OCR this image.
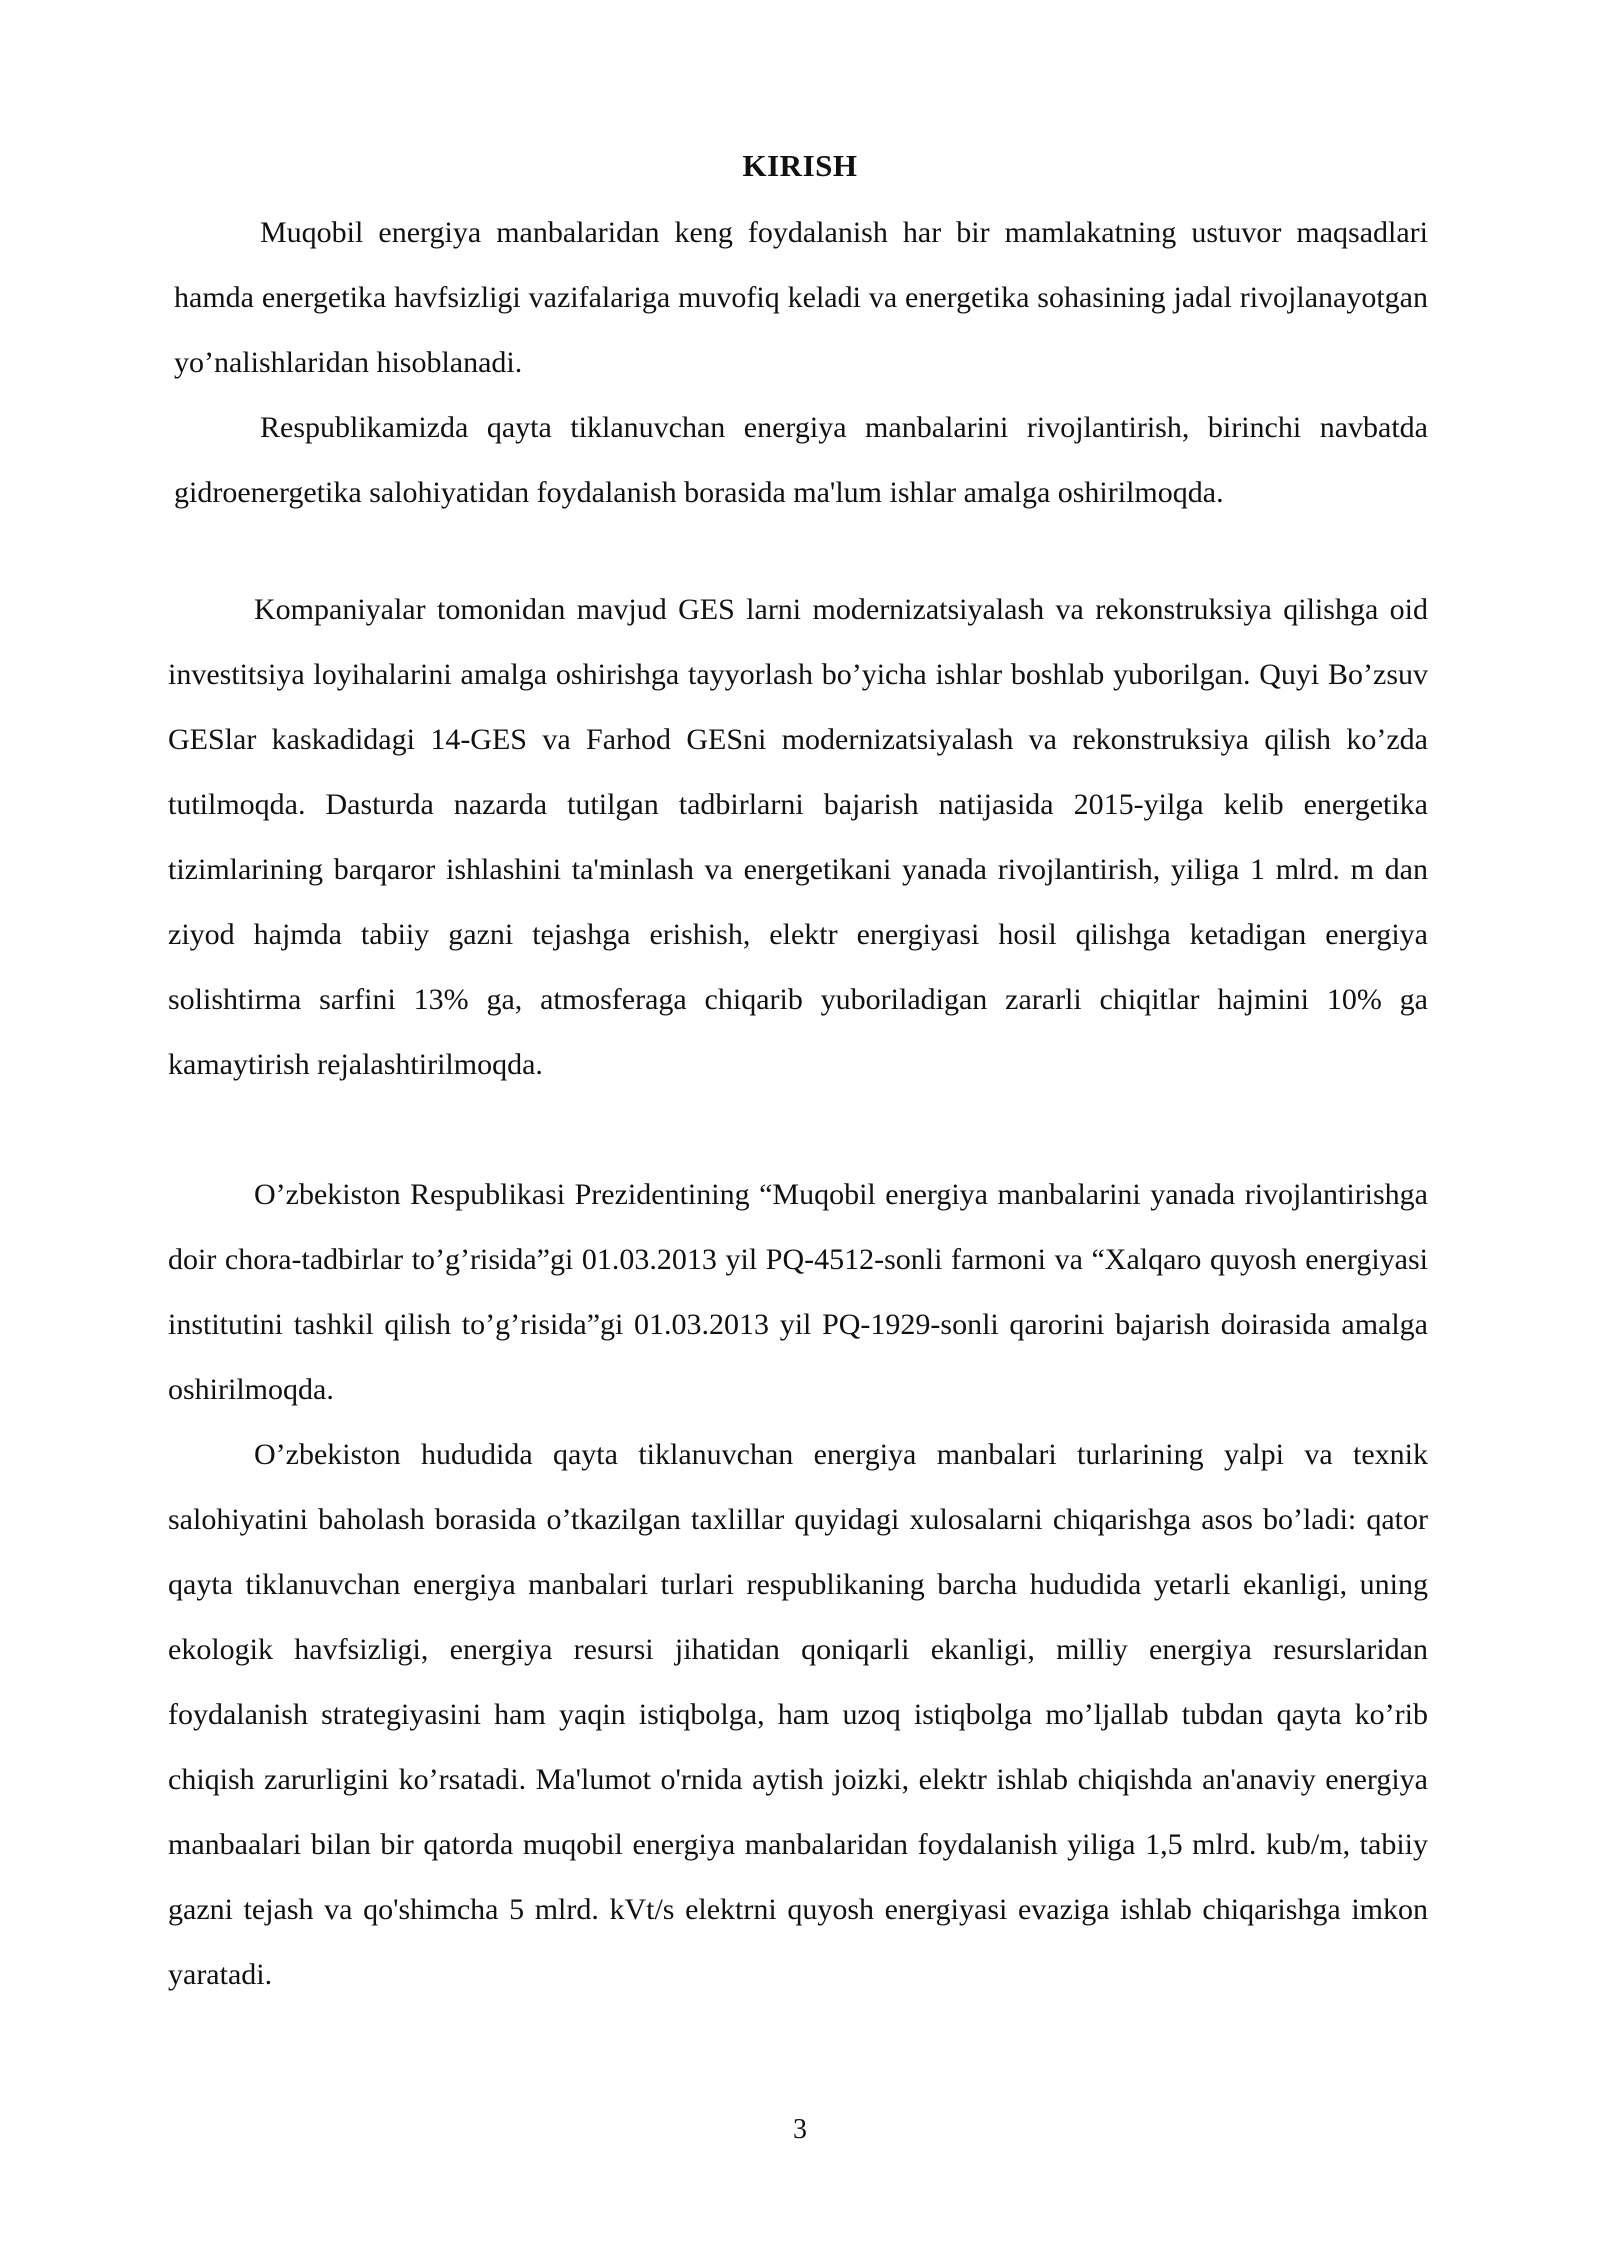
KIRISH

Muqobil energiya manbalaridan keng foydalanish har bir mamlakatning ustuvor maqsadlari hamda energetika havfsizligi vazifalariga muvofiq keladi va energetika sohasining jadal rivojlanayotgan yo’nalishlaridan hisoblanadi.

Respublikamizda qayta tiklanuvchan energiya manbalarini rivojlantirish, birinchi navbatda gidroenergetika salohiyatidan foydalanish borasida ma'lum ishlar amalga oshirilmoqda.

Kompaniyalar tomonidan mavjud GES larni modernizatsiyalash va rekonstruksiya qilishga oid investitsiya loyihalarini amalga oshirishga tayyorlash bo’yicha ishlar boshlab yuborilgan. Quyi Bo’zsuv GESlar kaskadidagi 14-GES va Farhod GESni modernizatsiyalash va rekonstruksiya qilish ko’zda tutilmoqda. Dasturda nazarda tutilgan tadbirlarni bajarish natijasida 2015-yilga kelib energetika tizimlarining barqaror ishlashini ta'minlash va energetikani yanada rivojlantirish, yiliga 1 mlrd. m dan ziyod hajmda tabiiy gazni tejashga erishish, elektr energiyasi hosil qilishga ketadigan energiya solishtirma sarfini 13% ga, atmosferaga chiqarib yuboriladigan zararli chiqitlar hajmini 10% ga kamaytirish rejalashtirilmoqda.

O’zbekiston Respublikasi Prezidentining “Muqobil energiya manbalarini yanada rivojlantirishga doir chora-tadbirlar to’g’risida”gi 01.03.2013 yil PQ-4512-sonli farmoni va “Xalqaro quyosh energiyasi institutini tashkil qilish to’g’risida”gi 01.03.2013 yil PQ-1929-sonli qarorini bajarish doirasida amalga oshirilmoqda.

O’zbekiston hududida qayta tiklanuvchan energiya manbalari turlarining yalpi va texnik salohiyatini baholash borasida o’tkazilgan taxlillar quyidagi xulosalarni chiqarishga asos bo’ladi: qator qayta tiklanuvchan energiya manbalari turlari respublikaning barcha hududida yetarli ekanligi, uning ekologik havfsizligi, energiya resursi jihatidan qoniqarli ekanligi, milliy energiya resurslaridan foydalanish strategiyasini ham yaqin istiqbolga, ham uzoq istiqbolga mo’ljallab tubdan qayta ko’rib chiqish zarurligini ko’rsatadi. Ma'lumot o'rnida aytish joizki, elektr ishlab chiqishda an'anaviy energiya manbaalari bilan bir qatorda muqobil energiya manbalaridan foydalanish yiliga 1,5 mlrd. kub/m, tabiiy gazni tejash va qo'shimcha 5 mlrd. kVt/s elektrni quyosh energiyasi evaziga ishlab chiqarishga imkon yaratadi.

3
